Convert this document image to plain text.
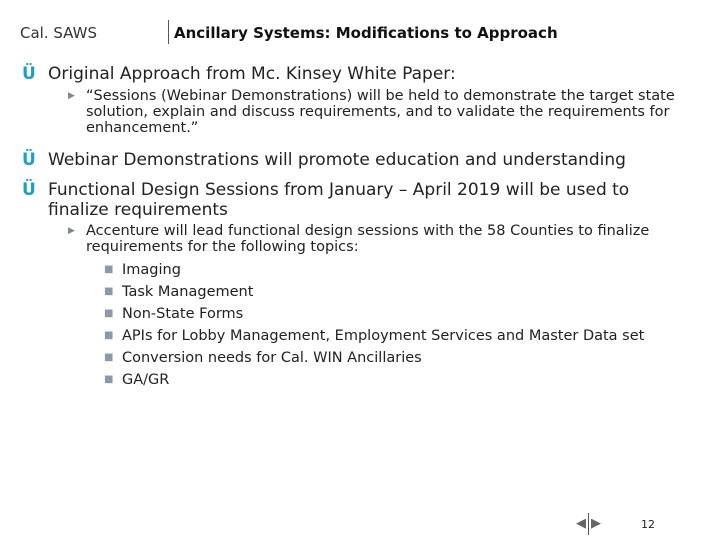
Cal. SAWS	Ancillary Systems: Modifications to Approach
Ü Original Approach from Mc. Kinsey White Paper:
▶ “Sessions (Webinar Demonstrations) will be held to demonstrate the target state solution, explain and discuss requirements, and to validate the requirements for enhancement.”
Ü Webinar Demonstrations will promote education and understanding
Ü Functional Design Sessions from January – April 2019 will be used to finalize requirements
▶ Accenture will lead functional design sessions with the 58 Counties to finalize requirements for the following topics:
■ Imaging
■ Task Management
■ Non-State Forms
■ APIs for Lobby Management, Employment Services and Master Data set
■ Conversion needs for Cal. WIN Ancillaries
■ GA/GR
◀ ▶	12
